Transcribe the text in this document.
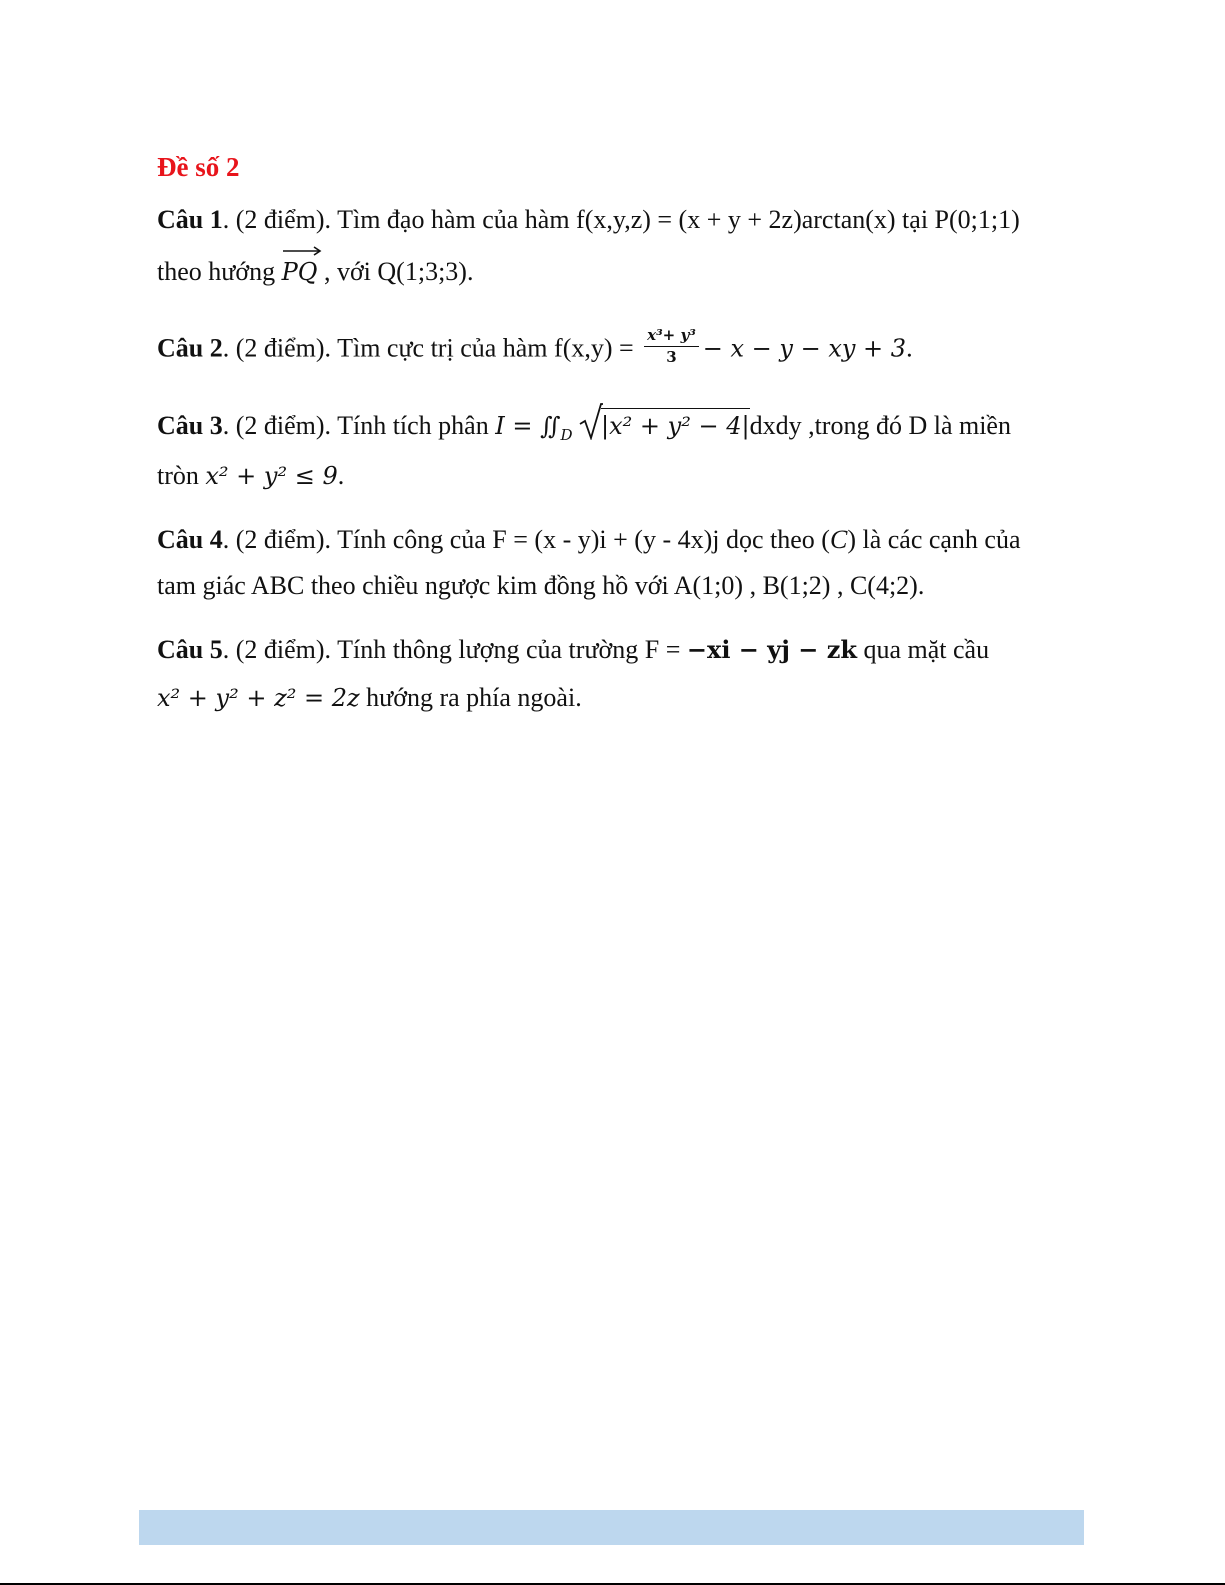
Đề số 2
Câu 1. (2 điểm). Tìm đạo hàm của hàm f(x,y,z) = (x + y + 2z)arctan(x) tại P(0;1;1)
theo hướng
PQ , với Q(1;3;3).
Câu 2. (2 điểm). Tìm cực trị của hàm $f(x,y) = \frac{\text{x³+ y³}}{3} - x - y$ − xy + 3.
Câu 3. (2 điểm). Tính tích phân $I = ∬_D$ |x² + y² − 4|dxdy ,trong đó D là miền
tròn x² + y² ≤ 9.
Câu 4. (2 điểm). Tính công của F = (x - y)i + (y - 4x)j dọc theo (C) là các cạnh của
tam giác ABC theo chiều ngược kim đồng hồ với A(1;0) , B(1;2) , C(4;2).
Câu 5. (2 điểm). Tính thông lượng của trường F = −xi − yj − zk qua mặt cầu
x² + y² + z² = 2z hướng ra phía ngoài.
